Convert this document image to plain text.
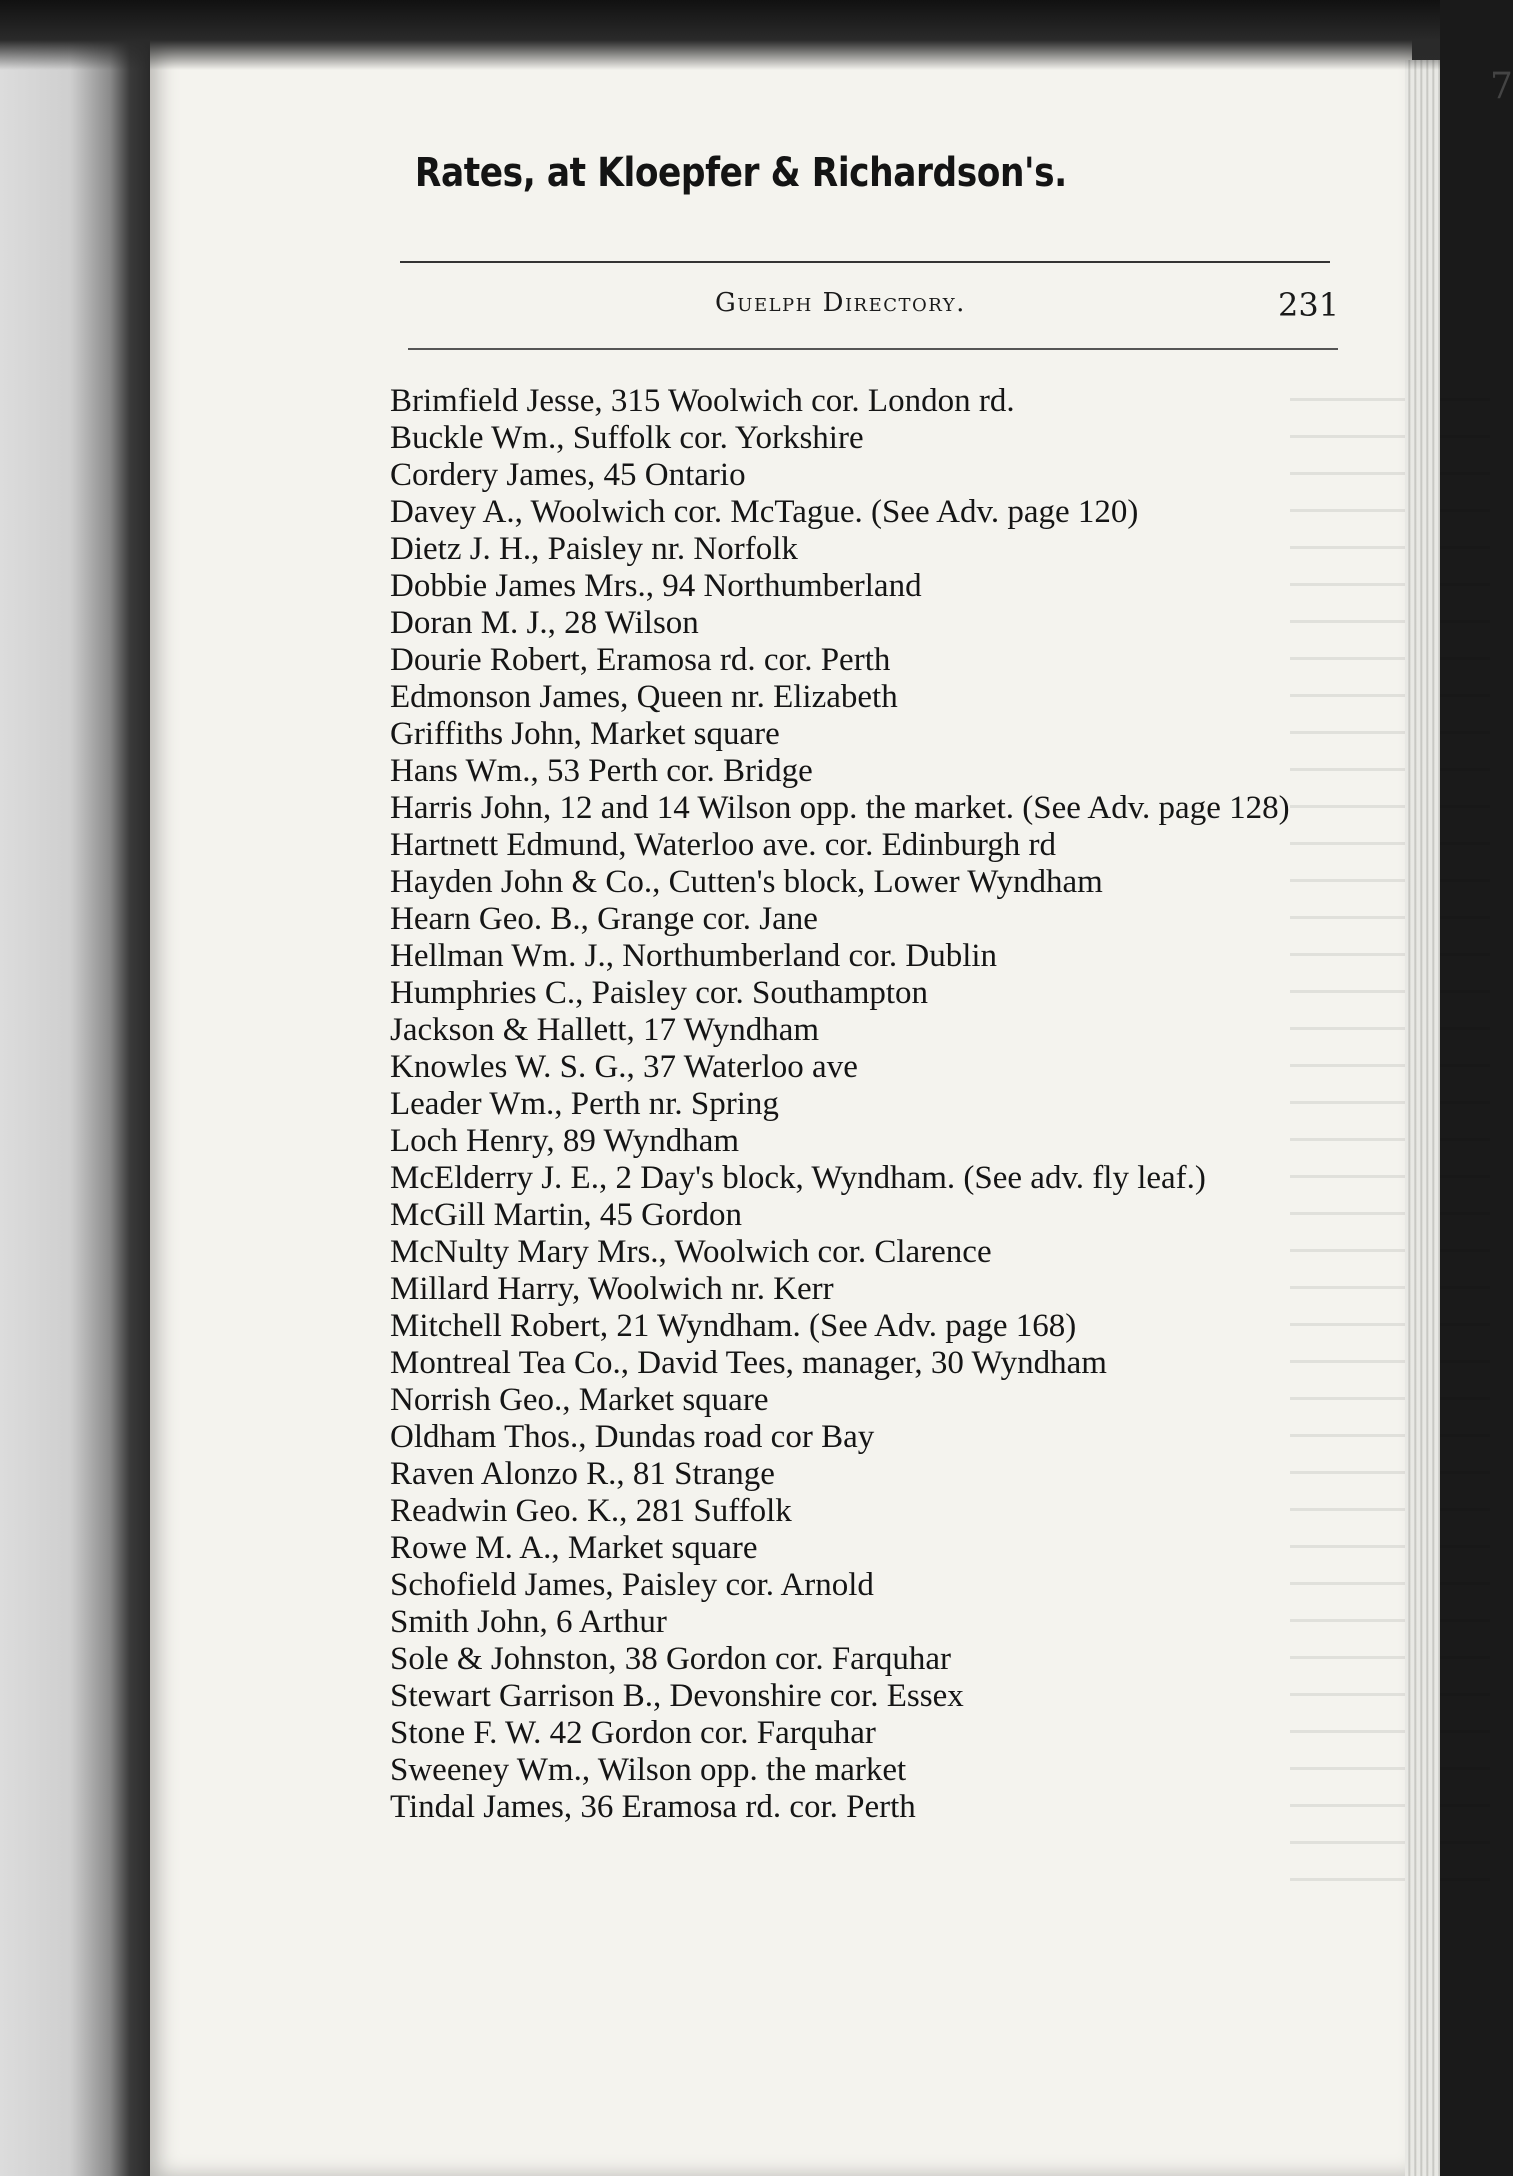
7
Rates, at Kloepfer & Richardson's.
Guelph Directory.	231
Brimfield Jesse, 315 Woolwich cor. London rd.
Buckle Wm., Suffolk cor. Yorkshire
Cordery James, 45 Ontario
Davey A., Woolwich cor. McTague. (See Adv. page 120)
Dietz J. H., Paisley nr. Norfolk
Dobbie James Mrs., 94 Northumberland
Doran M. J., 28 Wilson
Dourie Robert, Eramosa rd. cor. Perth
Edmonson James, Queen nr. Elizabeth
Griffiths John, Market square
Hans Wm., 53 Perth cor. Bridge
Harris John, 12 and 14 Wilson opp. the market. (See Adv. page 128)
Hartnett Edmund, Waterloo ave. cor. Edinburgh rd
Hayden John & Co., Cutten's block, Lower Wyndham
Hearn Geo. B., Grange cor. Jane
Hellman Wm. J., Northumberland cor. Dublin
Humphries C., Paisley cor. Southampton
Jackson & Hallett, 17 Wyndham
Knowles W. S. G., 37 Waterloo ave
Leader Wm., Perth nr. Spring
Loch Henry, 89 Wyndham
McElderry J. E., 2 Day's block, Wyndham. (See adv. fly leaf.)
McGill Martin, 45 Gordon
McNulty Mary Mrs., Woolwich cor. Clarence
Millard Harry, Woolwich nr. Kerr
Mitchell Robert, 21 Wyndham. (See Adv. page 168)
Montreal Tea Co., David Tees, manager, 30 Wyndham
Norrish Geo., Market square
Oldham Thos., Dundas road cor Bay
Raven Alonzo R., 81 Strange
Readwin Geo. K., 281 Suffolk
Rowe M. A., Market square
Schofield James, Paisley cor. Arnold
Smith John, 6 Arthur
Sole & Johnston, 38 Gordon cor. Farquhar
Stewart Garrison B., Devonshire cor. Essex
Stone F. W. 42 Gordon cor. Farquhar
Sweeney Wm., Wilson opp. the market
Tindal James, 36 Eramosa rd. cor. Perth
